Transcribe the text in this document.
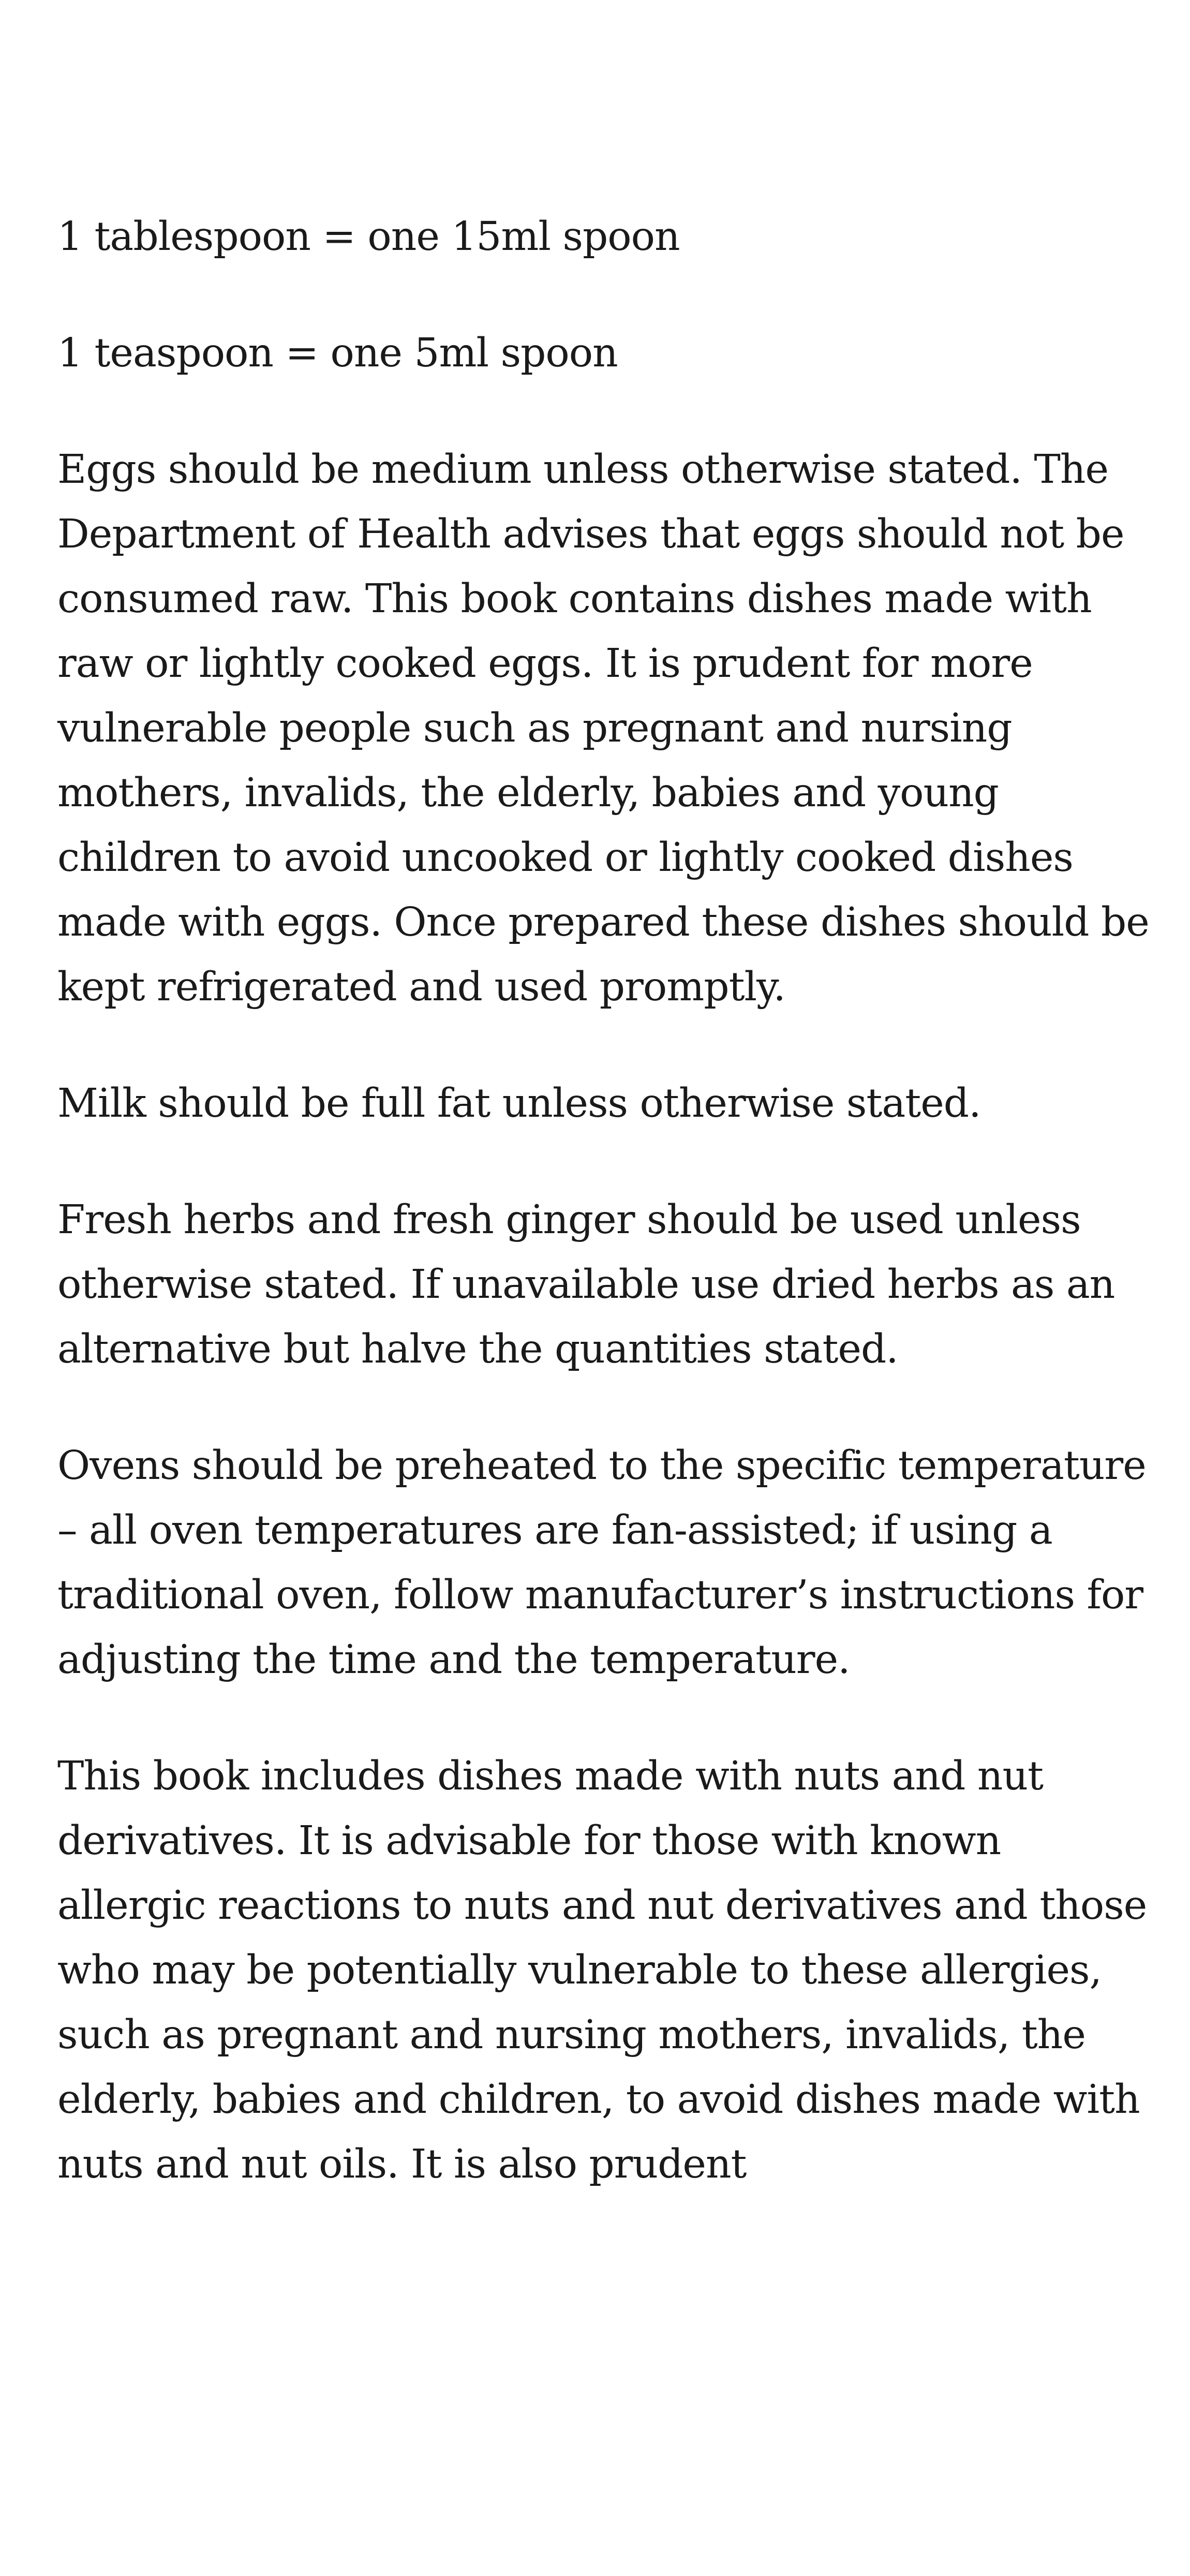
1 tablespoon = one 15ml spoon

1 teaspoon = one 5ml spoon

Eggs should be medium unless otherwise stated. The Department of Health advises that eggs should not be consumed raw. This book contains dishes made with raw or lightly cooked eggs. It is prudent for more vulnerable people such as pregnant and nursing mothers, invalids, the elderly, babies and young children to avoid uncooked or lightly cooked dishes made with eggs. Once prepared these dishes should be kept refrigerated and used promptly.

Milk should be full fat unless otherwise stated.

Fresh herbs and fresh ginger should be used unless otherwise stated. If unavailable use dried herbs as an alternative but halve the quantities stated.

Ovens should be preheated to the specific temperature – all oven temperatures are fan-assisted; if using a traditional oven, follow manufacturer’s instructions for adjusting the time and the temperature.

This book includes dishes made with nuts and nut derivatives. It is advisable for those with known allergic reactions to nuts and nut derivatives and those who may be potentially vulnerable to these allergies, such as pregnant and nursing mothers, invalids, the elderly, babies and children, to avoid dishes made with nuts and nut oils. It is also prudent
